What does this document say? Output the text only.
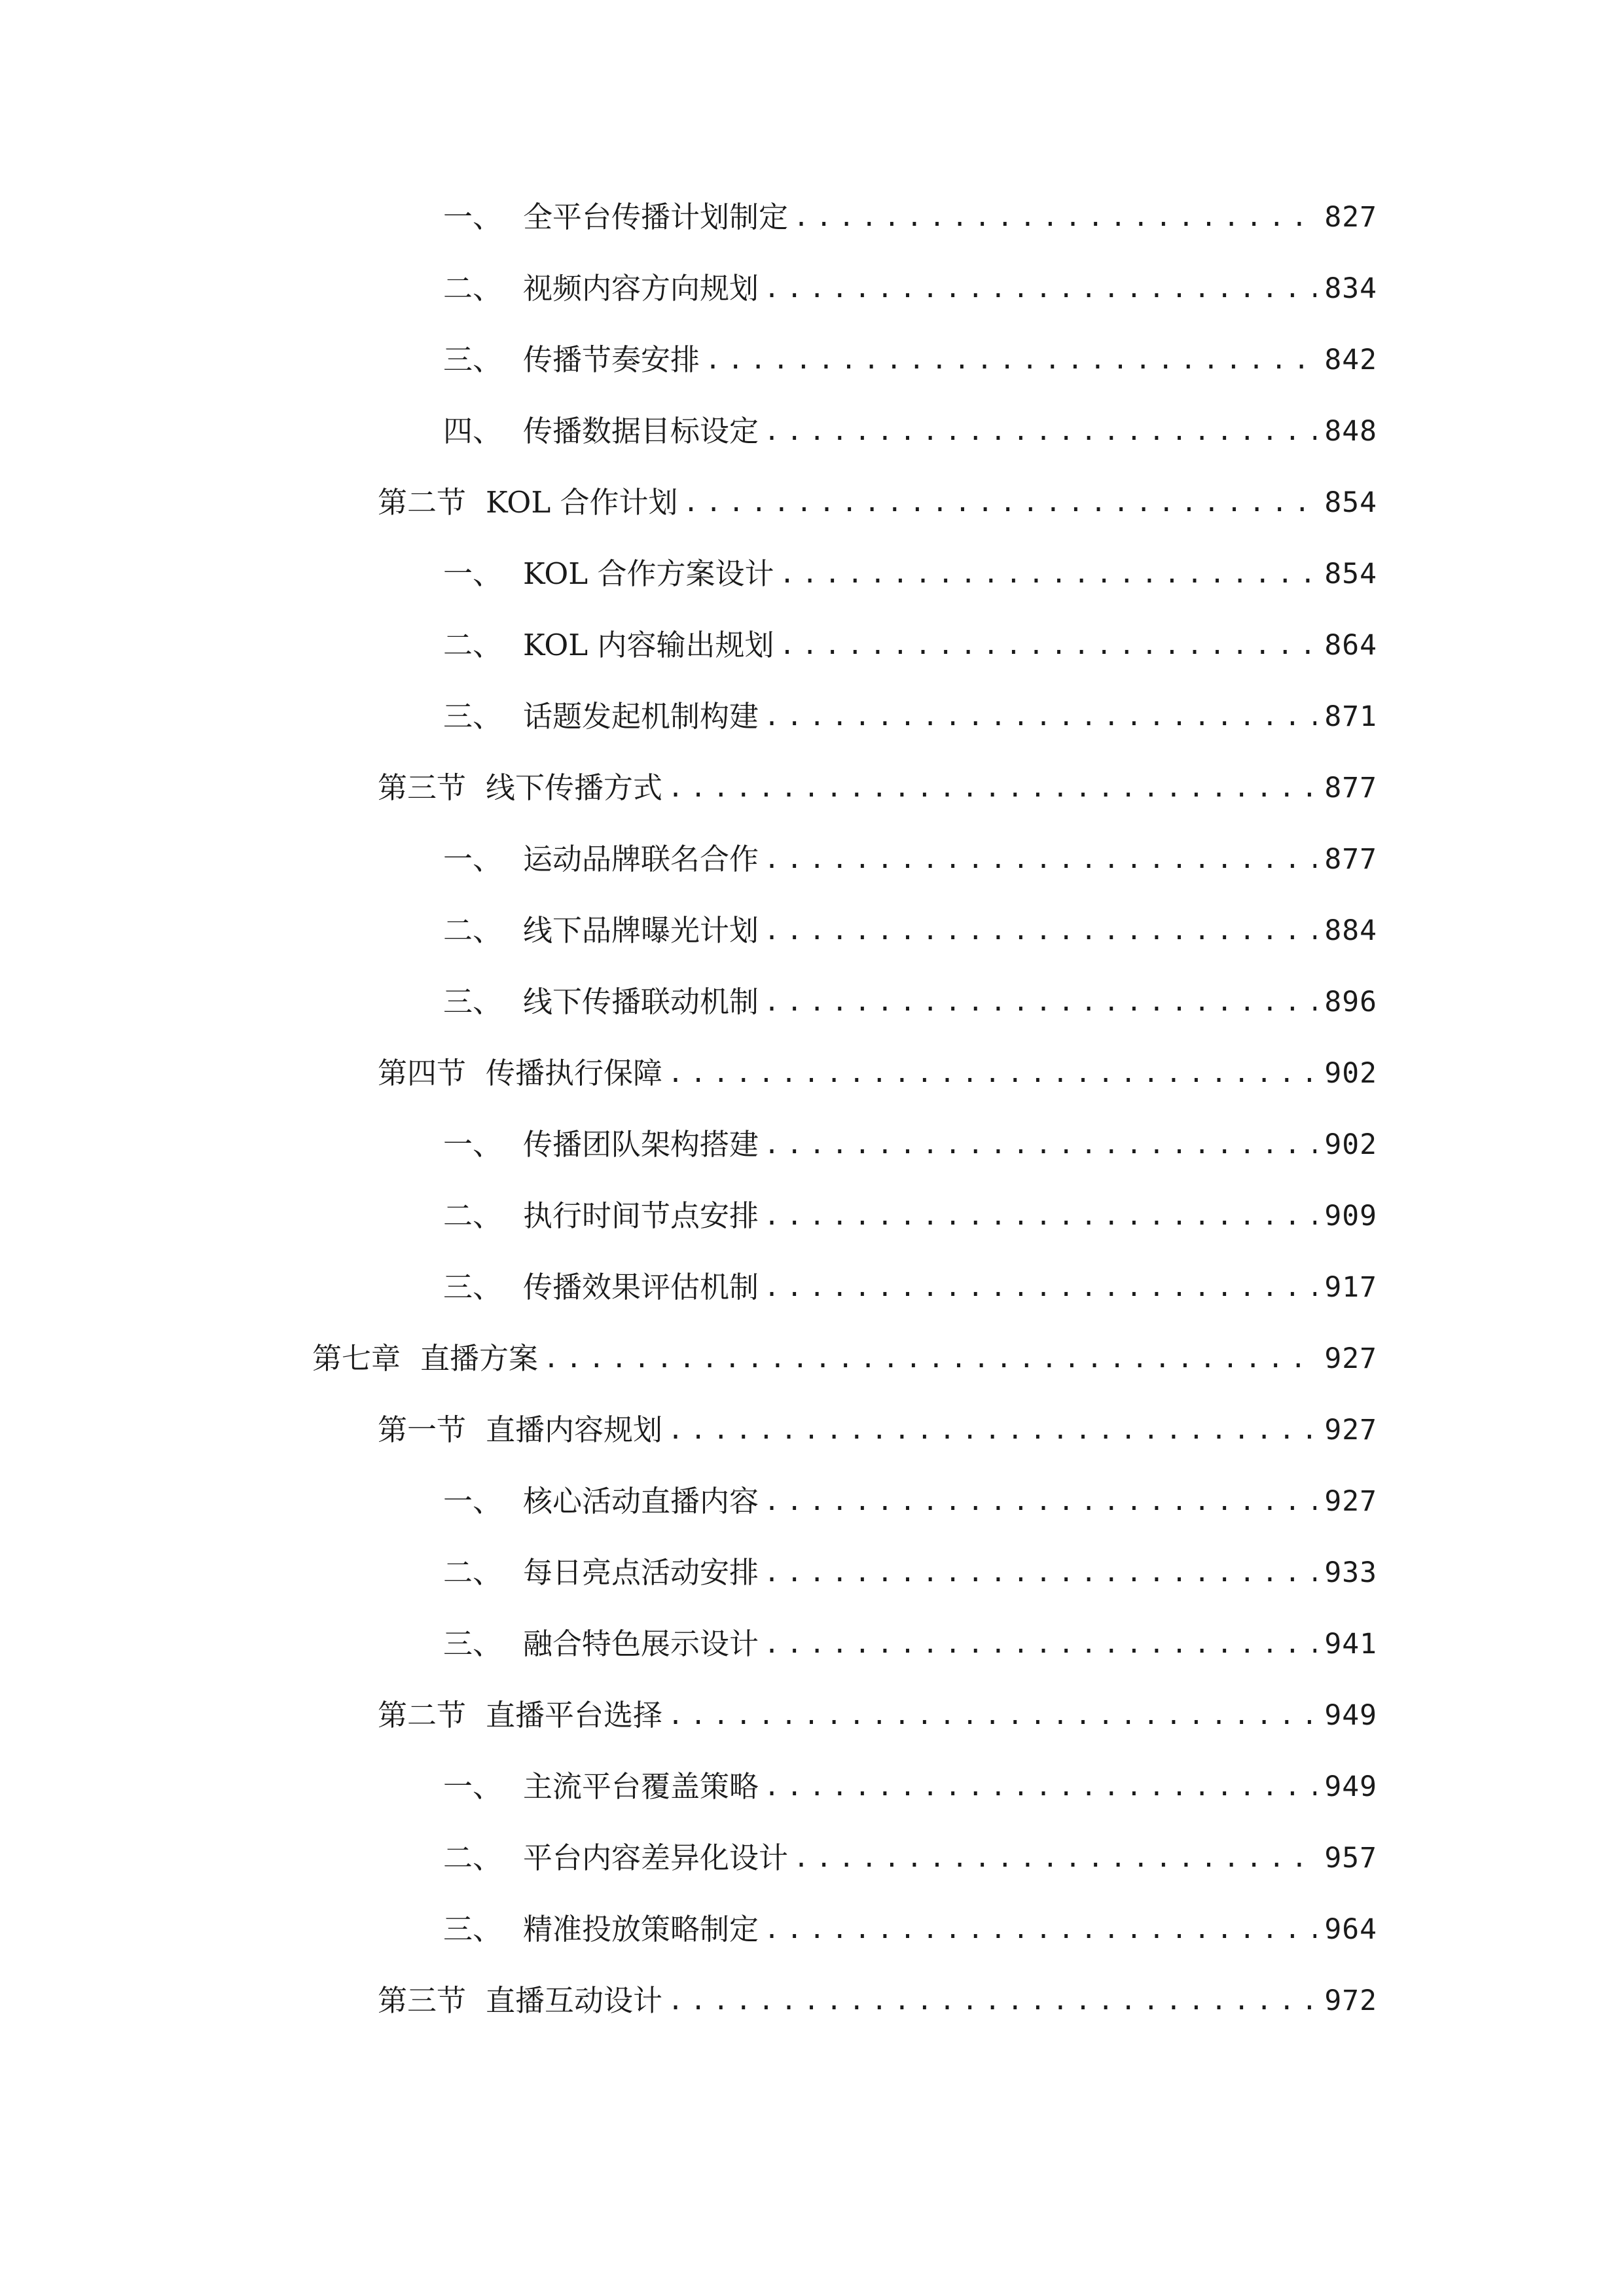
一、 全平台传播计划制定 .....	827
二、 视频内容方向规划 .....	834
三、 传播节奏安排 .....	842
四、 传播数据目标设定 .....	848
第二节 KOL 合作计划 .....	854
一、 KOL 合作方案设计 .....	854
二、 KOL 内容输出规划 .....	864
三、 话题发起机制构建 .....	871
第三节 线下传播方式 .....	877
一、 运动品牌联名合作 .....	877
二、 线下品牌曝光计划 .....	884
三、 线下传播联动机制 .....	896
第四节 传播执行保障 .....	902
一、 传播团队架构搭建 .....	902
二、 执行时间节点安排 .....	909
三、 传播效果评估机制 .....	917
第七章 直播方案 .....	927
第一节 直播内容规划 .....	927
一、 核心活动直播内容 .....	927
二、 每日亮点活动安排 .....	933
三、 融合特色展示设计 .....	941
第二节 直播平台选择 .....	949
一、 主流平台覆盖策略 .....	949
二、 平台内容差异化设计 .....	957
三、 精准投放策略制定 .....	964
第三节 直播互动设计 .....	972
